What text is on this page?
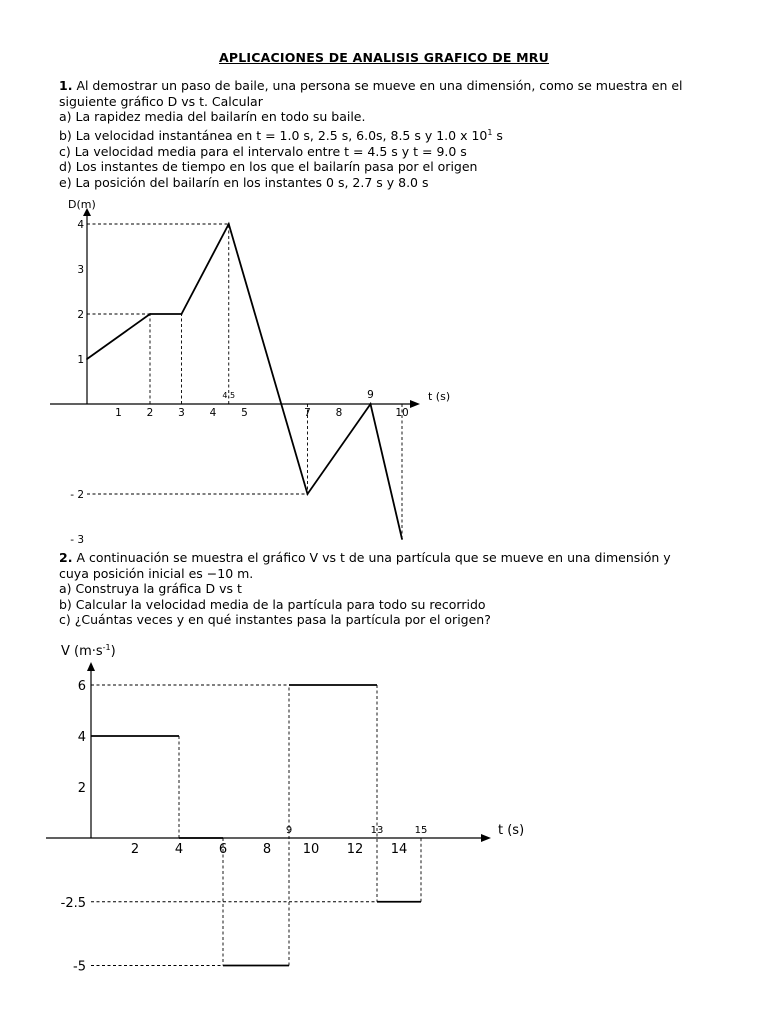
APLICACIONES DE ANALISIS GRAFICO DE MRU
1. Al demostrar un paso de baile, una persona se mueve en una dimensión, como se muestra en el
siguiente gráfico D vs t. Calcular
a) La rapidez media del bailarín en todo su baile.
b) La velocidad instantánea en t = 1.0 s, 2.5 s, 6.0s, 8.5 s y 1.0 x $10^1$ s
c) La velocidad media para el intervalo entre t = 4.5 s y t = 9.0 s
d) Los instantes de tiempo en los que el bailarín pasa por el origen
e) La posición del bailarín en los instantes 0 s, 2.7 s y 8.0 s
D(m)
t (s)
1 2 3 4 5	7 8	10
4.5	9
4
3
2
1
- 2
- 3
2. A continuación se muestra el gráfico V vs t de una partícula que se mueve en una dimensión y
cuya posición inicial es −10 m.
a) Construya la gráfica D vs t
b) Calcular la velocidad media de la partícula para todo su recorrido
c) ¿Cuántas veces y en qué instantes pasa la partícula por el origen?
V $(m\cdot s^{-1})$
t (s)
2	4	6	8 10 12 14
9	13	15
6
4
2
-2.5
-5
